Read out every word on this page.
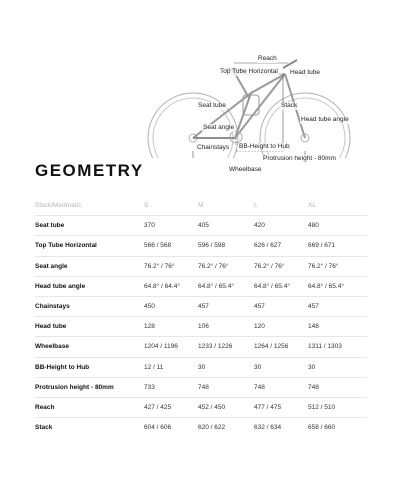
Reach
Top Tube Horizontal Head tube
Seat tube	Stack
Head tube angle
Seat angle
Chainstays BB-Height to Hub
Protrusion height - 80mm
Wheelbase
GEOMETRY
Stack/Medmatic	S	M	L	XL
Seat tube	370	405	420	480
Top Tube Horizontal	566 / 568	596 / 598	626 / 627	669 / 671
Seat angle	76.2° / 76°	76.2° / 76°	76.2° / 76°	76.2° / 76°
Head tube angle	64.8° / 64.4°	64.8° / 65.4°	64.8° / 65.4°	64.8° / 65.4°
Chainstays	450	457	457	457
Head tube	128	106	120	148
Wheelbase	1204 / 1196	1233 / 1226	1264 / 1256	1311 / 1303
BB-Height to Hub	12 / 11	30	30	30
Protrusion height - 80mm	733	748	748	748
Reach	427 / 425	452 / 450	477 / 475	512 / 510
Stack	604 / 606	620 / 622	632 / 634	658 / 660
